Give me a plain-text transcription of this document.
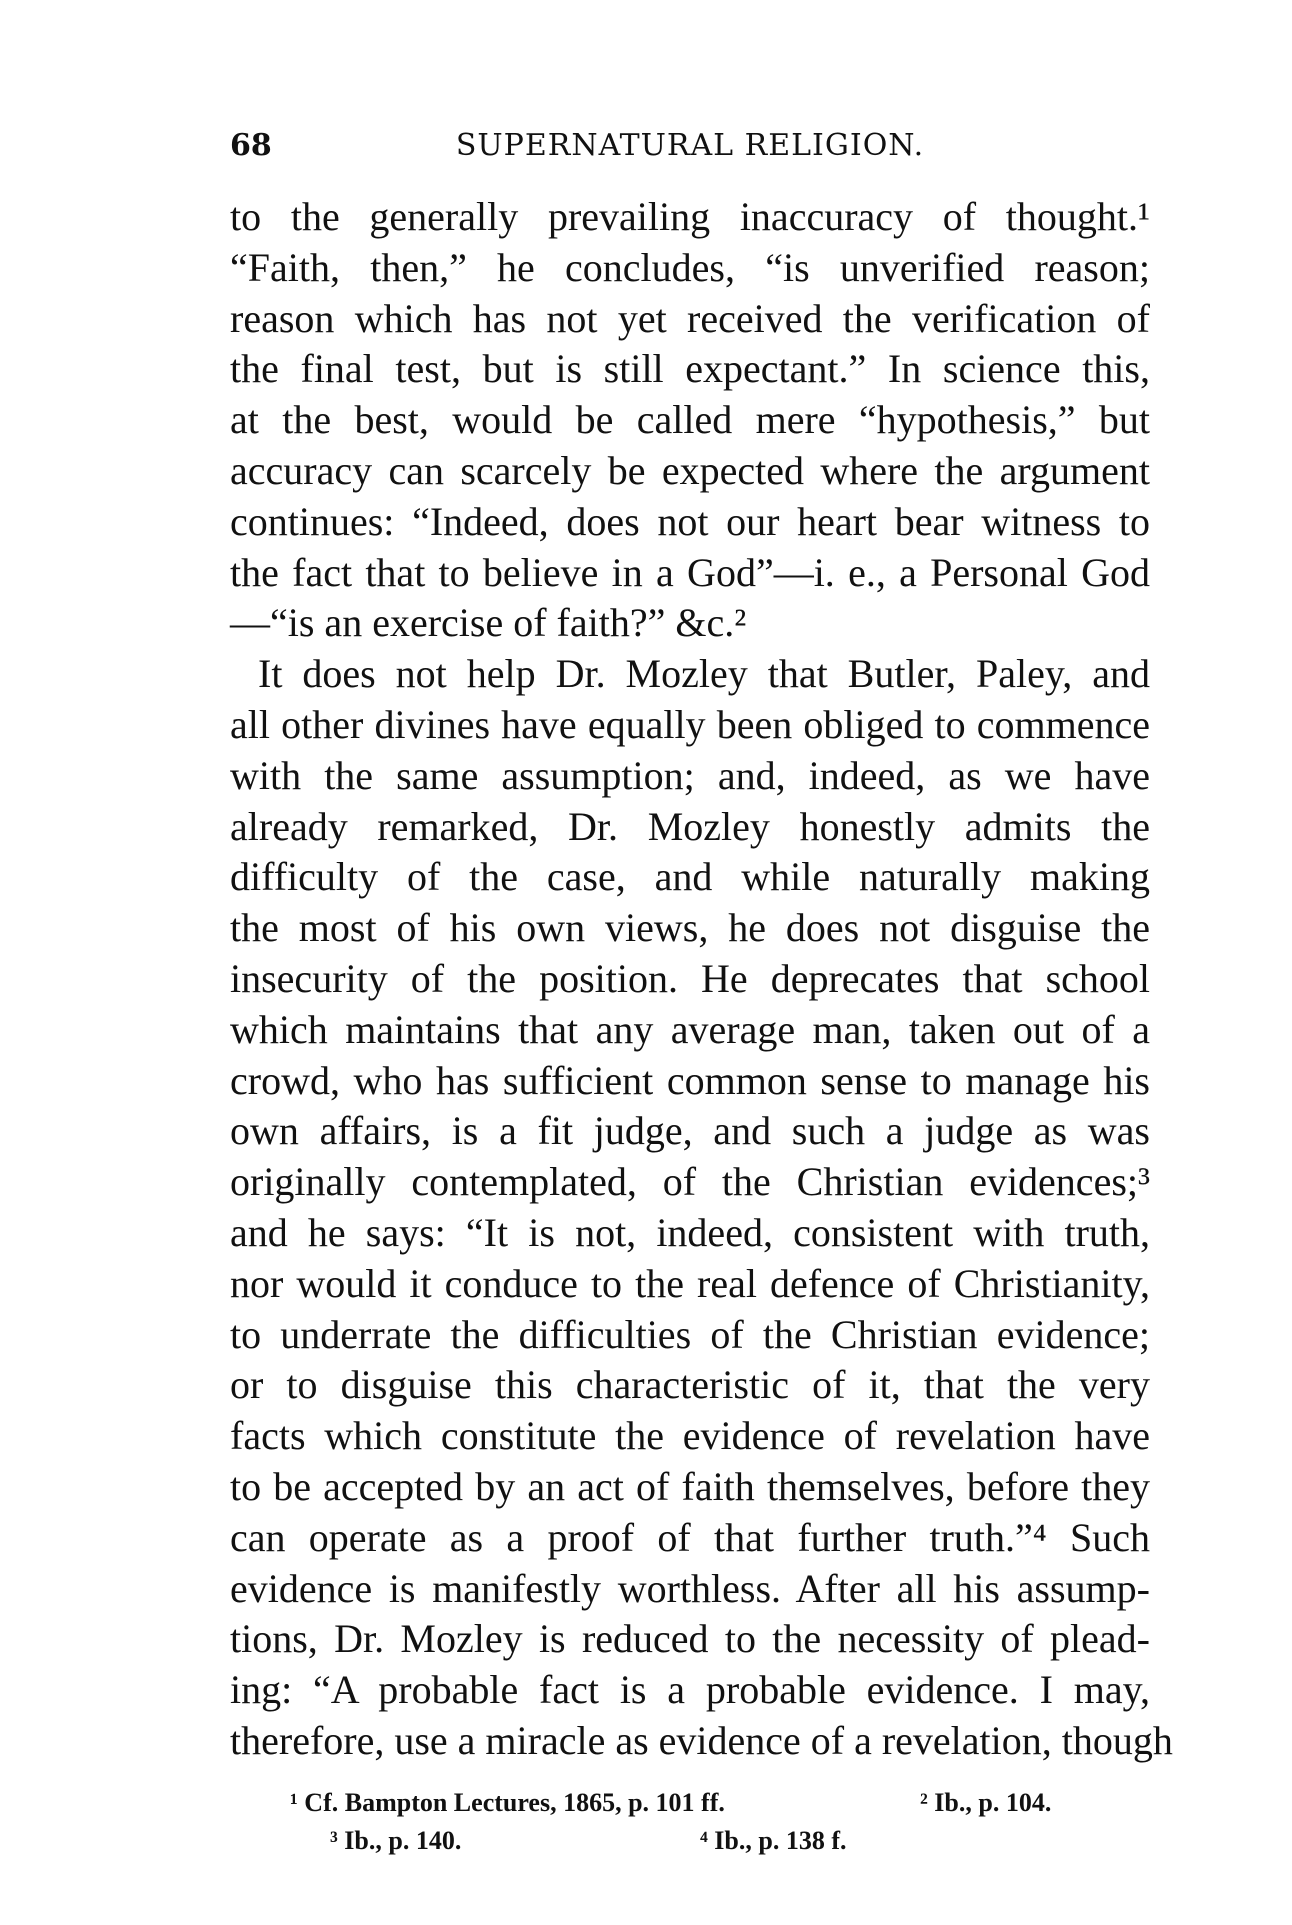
68	SUPERNATURAL RELIGION.
to the generally prevailing inaccuracy of thought.¹
“Faith, then,” he concludes, “is unverified reason;
reason which has not yet received the verification of
the final test, but is still expectant.” In science this,
at the best, would be called mere “hypothesis,” but
accuracy can scarcely be expected where the argument
continues: “Indeed, does not our heart bear witness to
the fact that to believe in a God”—i. e., a Personal God
—“is an exercise of faith?” &c.²
It does not help Dr. Mozley that Butler, Paley, and
all other divines have equally been obliged to commence
with the same assumption; and, indeed, as we have
already remarked, Dr. Mozley honestly admits the
difficulty of the case, and while naturally making
the most of his own views, he does not disguise the
insecurity of the position. He deprecates that school
which maintains that any average man, taken out of a
crowd, who has sufficient common sense to manage his
own affairs, is a fit judge, and such a judge as was
originally contemplated, of the Christian evidences;³
and he says: “It is not, indeed, consistent with truth,
nor would it conduce to the real defence of Christianity,
to underrate the difficulties of the Christian evidence;
or to disguise this characteristic of it, that the very
facts which constitute the evidence of revelation have
to be accepted by an act of faith themselves, before they
can operate as a proof of that further truth.”⁴ Such
evidence is manifestly worthless. After all his assump-
tions, Dr. Mozley is reduced to the necessity of plead-
ing: “A probable fact is a probable evidence. I may,
therefore, use a miracle as evidence of a revelation, though
¹ Cf. Bampton Lectures, 1865, p. 101 ff.	² Ib., p. 104.
³ Ib., p. 140.	⁴ Ib., p. 138 f.
